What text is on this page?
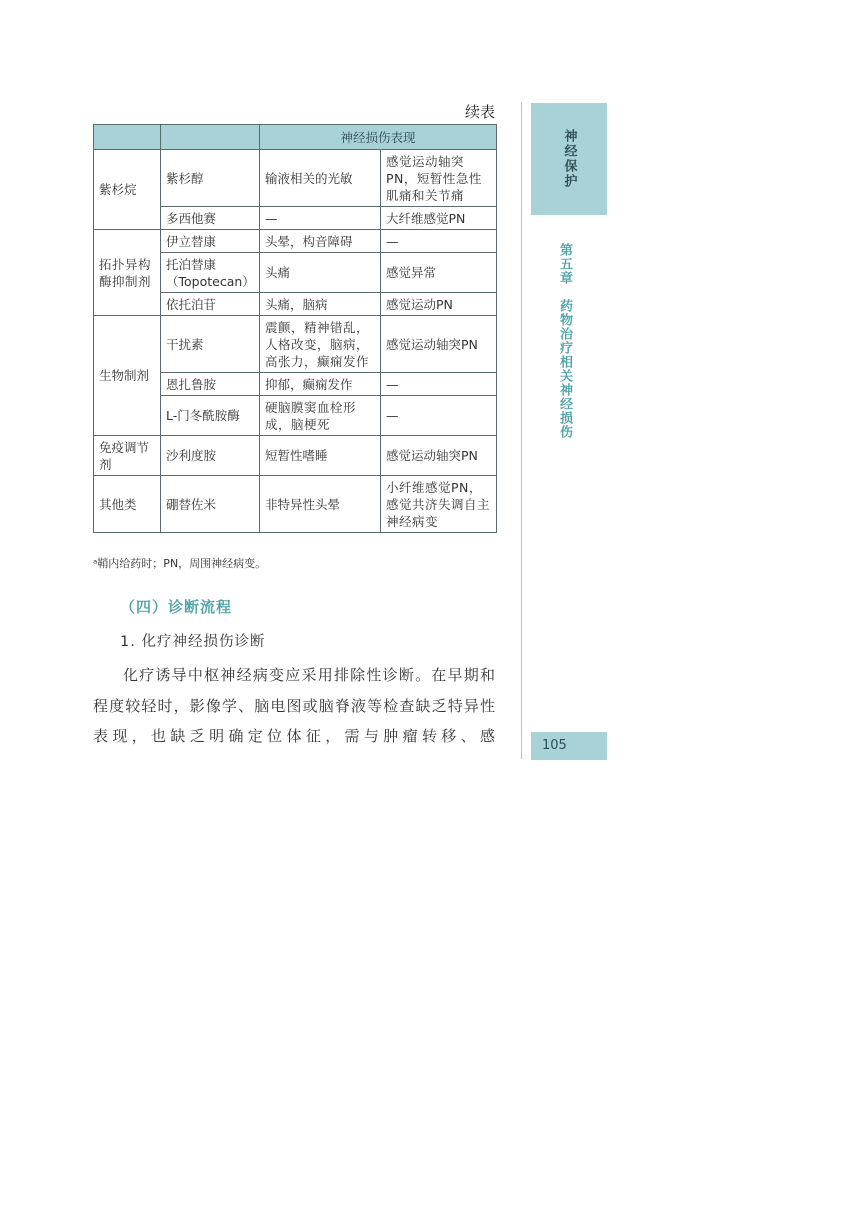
续表
		神经损伤表现	
紫杉烷	紫杉醇	输液相关的光敏	感觉运动轴突PN，短暂性急性肌痛和关节痛
	多西他赛	—	大纤维感觉PN
拓扑异构酶抑制剂	伊立替康	头晕，构音障碍	—
	托泊替康（Topotecan）	头痛	感觉异常
	依托泊苷	头痛，脑病	感觉运动PN
生物制剂	干扰素	震颤，精神错乱，人格改变，脑病，高张力，癫痫发作	感觉运动轴突PN
	恩扎鲁胺	抑郁，癫痫发作	—
	L-门冬酰胺酶	硬脑膜窦血栓形成，脑梗死	—
免疫调节剂	沙利度胺	短暂性嗜睡	感觉运动轴突PN
其他类	硼替佐米	非特异性头晕	小纤维感觉PN，感觉共济失调自主神经病变
ᵃ鞘内给药时；PN，周围神经病变。
（四）诊断流程
1. 化疗神经损伤诊断
化疗诱导中枢神经病变应采用排除性诊断。在早期和程度较轻时，影像学、脑电图或脑脊液等检查缺乏特异性表现，也缺乏明确定位体征，需与肿瘤转移、感
神经保护
第五章药物治疗相关神经损伤
105
